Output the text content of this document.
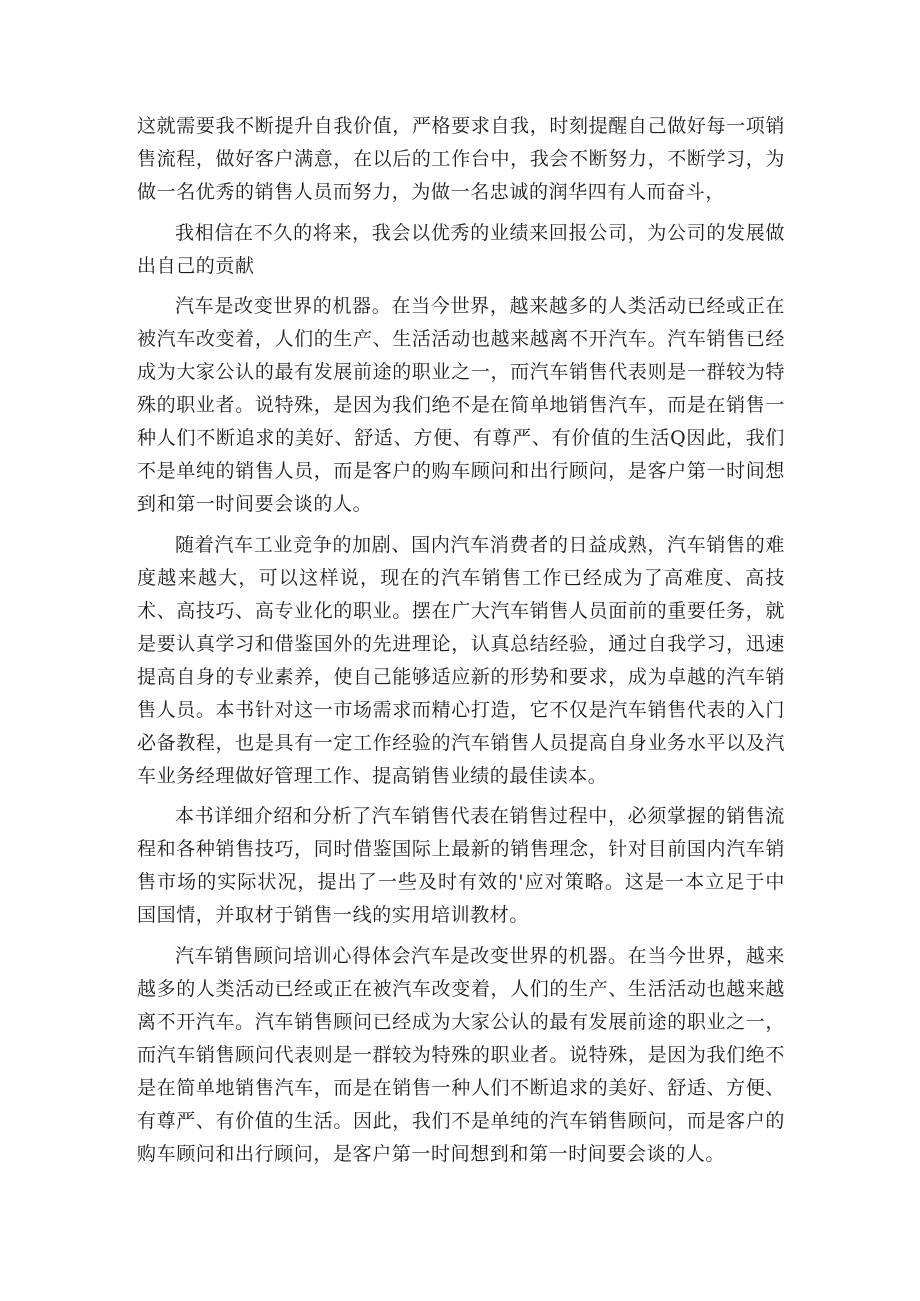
这就需要我不断提升自我价值，严格要求自我，时刻提醒自己做好每一项销售流程，做好客户满意，在以后的工作台中，我会不断努力，不断学习，为做一名优秀的销售人员而努力，为做一名忠诚的润华四有人而奋斗，

我相信在不久的将来，我会以优秀的业绩来回报公司，为公司的发展做出自己的贡献

汽车是改变世界的机器。在当今世界，越来越多的人类活动已经或正在被汽车改变着，人们的生产、生活活动也越来越离不开汽车。汽车销售已经成为大家公认的最有发展前途的职业之一，而汽车销售代表则是一群较为特殊的职业者。说特殊，是因为我们绝不是在简单地销售汽车，而是在销售一种人们不断追求的美好、舒适、方便、有尊严、有价值的生活Q因此，我们不是单纯的销售人员，而是客户的购车顾问和出行顾问，是客户第一时间想到和第一时间要会谈的人。

随着汽车工业竞争的加剧、国内汽车消费者的日益成熟，汽车销售的难度越来越大，可以这样说，现在的汽车销售工作已经成为了高难度、高技术、高技巧、高专业化的职业。摆在广大汽车销售人员面前的重要任务，就是要认真学习和借鉴国外的先进理论，认真总结经验，通过自我学习，迅速提高自身的专业素养，使自己能够适应新的形势和要求，成为卓越的汽车销售人员。本书针对这一市场需求而精心打造，它不仅是汽车销售代表的入门必备教程，也是具有一定工作经验的汽车销售人员提高自身业务水平以及汽车业务经理做好管理工作、提高销售业绩的最佳读本。

本书详细介绍和分析了汽车销售代表在销售过程中，必须掌握的销售流程和各种销售技巧，同时借鉴国际上最新的销售理念，针对目前国内汽车销售市场的实际状况，提出了一些及时有效的'应对策略。这是一本立足于中国国情，并取材于销售一线的实用培训教材。

汽车销售顾问培训心得体会汽车是改变世界的机器。在当今世界，越来越多的人类活动已经或正在被汽车改变着，人们的生产、生活活动也越来越离不开汽车。汽车销售顾问已经成为大家公认的最有发展前途的职业之一，而汽车销售顾问代表则是一群较为特殊的职业者。说特殊，是因为我们绝不是在简单地销售汽车，而是在销售一种人们不断追求的美好、舒适、方便、有尊严、有价值的生活。因此，我们不是单纯的汽车销售顾问，而是客户的购车顾问和出行顾问，是客户第一时间想到和第一时间要会谈的人。
